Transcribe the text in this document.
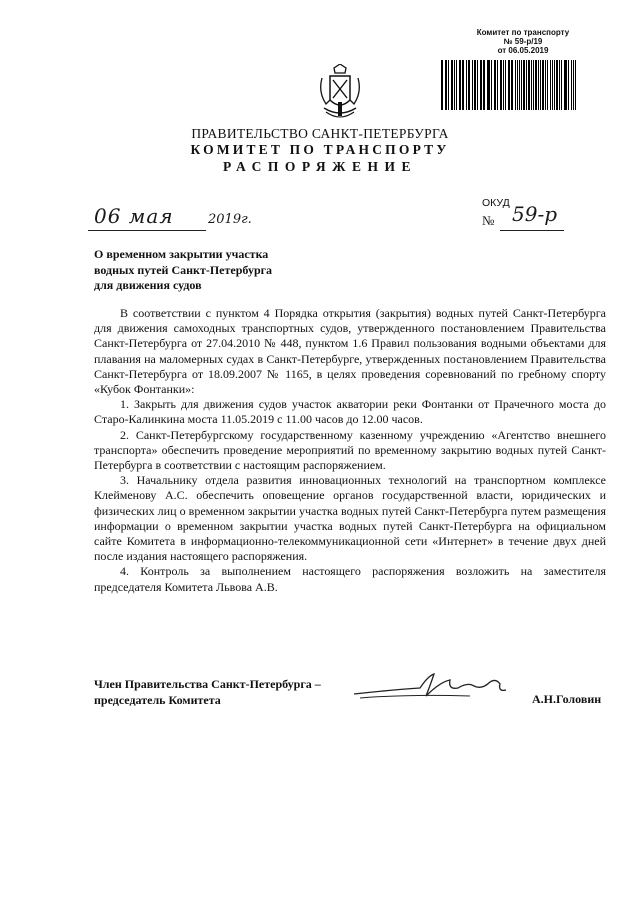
Комитет по транспорту
№ 59-р/19
от 06.05.2019
ПРАВИТЕЛЬСТВО САНКТ-ПЕТЕРБУРГА
КОМИТЕТ ПО ТРАНСПОРТУ
РАСПОРЯЖЕНИЕ
ОКУД
06 мая	2019г.	№ 59-р
О временном закрытии участка
водных путей Санкт-Петербурга
для движения судов

В соответствии с пунктом 4 Порядка открытия (закрытия) водных путей Санкт-Петербурга для движения самоходных транспортных судов, утвержденного постановлением Правительства Санкт-Петербурга от 27.04.2010 № 448, пунктом 1.6 Правил пользования водными объектами для плавания на маломерных судах в Санкт-Петербурге, утвержденных постановлением Правительства Санкт-Петербурга от 18.09.2007 № 1165, в целях проведения соревнований по гребному спорту «Кубок Фонтанки»:

1. Закрыть для движения судов участок акватории реки Фонтанки от Прачечного моста до Старо-Калинкина моста 11.05.2019 с 11.00 часов до 12.00 часов.

2. Санкт-Петербургскому государственному казенному учреждению «Агентство внешнего транспорта» обеспечить проведение мероприятий по временному закрытию водных путей Санкт-Петербурга в соответствии с настоящим распоряжением.

3. Начальнику отдела развития инновационных технологий на транспортном комплексе Клейменову А.С. обеспечить оповещение органов государственной власти, юридических и физических лиц о временном закрытии участка водных путей Санкт-Петербурга путем размещения информации о временном закрытии участка водных путей Санкт-Петербурга на официальном сайте Комитета в информационно-телекоммуникационной сети «Интернет» в течение двух дней после издания настоящего распоряжения.

4. Контроль за выполнением настоящего распоряжения возложить на заместителя председателя Комитета Львова А.В.

Член Правительства Санкт-Петербурга –
председатель Комитета	А.Н.Головин
